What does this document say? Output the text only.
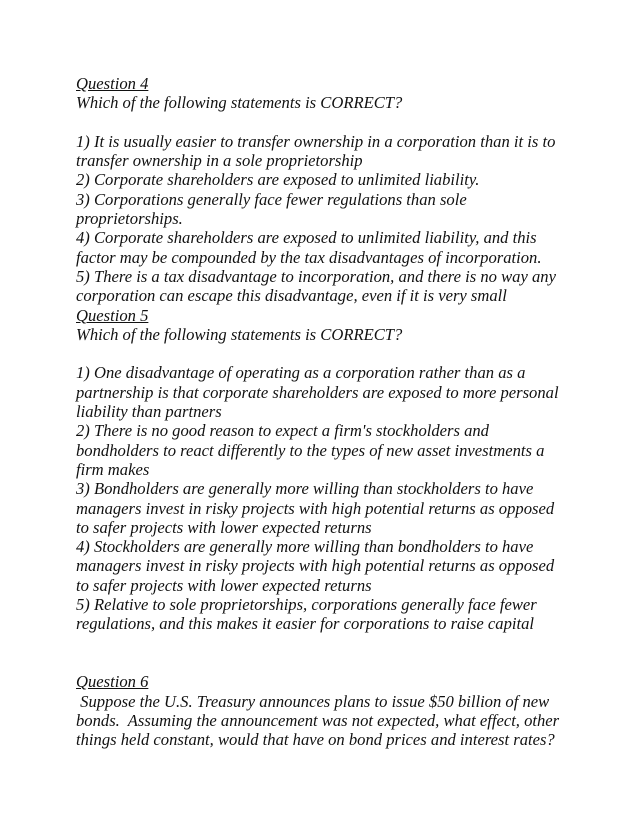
Question 4
Which of the following statements is CORRECT?
1) It is usually easier to transfer ownership in a corporation than it is to
transfer ownership in a sole proprietorship
2) Corporate shareholders are exposed to unlimited liability.
3) Corporations generally face fewer regulations than sole
proprietorships.
4) Corporate shareholders are exposed to unlimited liability, and this
factor may be compounded by the tax disadvantages of incorporation.
5) There is a tax disadvantage to incorporation, and there is no way any
corporation can escape this disadvantage, even if it is very small
Question 5
Which of the following statements is CORRECT?
1) One disadvantage of operating as a corporation rather than as a
partnership is that corporate shareholders are exposed to more personal
liability than partners
2) There is no good reason to expect a firm's stockholders and
bondholders to react differently to the types of new asset investments a
firm makes
3) Bondholders are generally more willing than stockholders to have
managers invest in risky projects with high potential returns as opposed
to safer projects with lower expected returns
4) Stockholders are generally more willing than bondholders to have
managers invest in risky projects with high potential returns as opposed
to safer projects with lower expected returns
5) Relative to sole proprietorships, corporations generally face fewer
regulations, and this makes it easier for corporations to raise capital
Question 6
Suppose the U.S. Treasury announces plans to issue $50 billion of new
bonds.  Assuming the announcement was not expected, what effect, other
things held constant, would that have on bond prices and interest rates?
